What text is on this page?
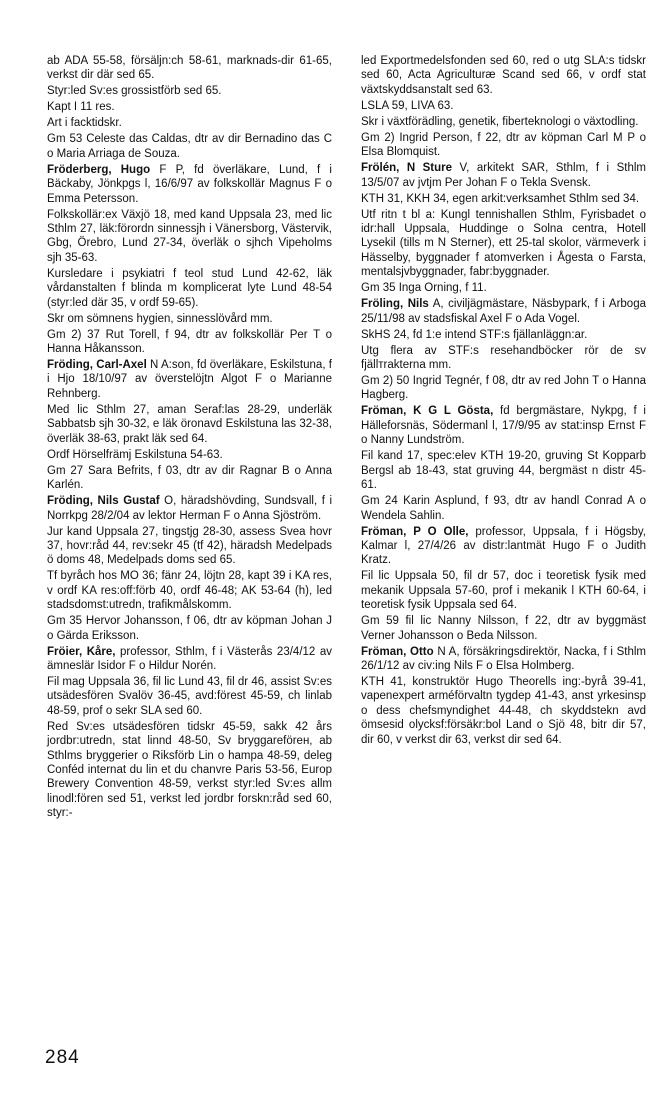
ab ADA 55-58, försäljn:ch 58-61, marknads-dir 61-65, verkst dir där sed 65.

Styr:led Sv:es grossistförb sed 65.

Kapt I 11 res.

Art i facktidskr.

Gm 53 Celeste das Caldas, dtr av dir Bernadino das C o Maria Arriaga de Souza.

Fröderberg, Hugo F P, fd överläkare, Lund, f i Bäckaby, Jönkpgs l, 16/6/97 av folkskollär Magnus F o Emma Petersson.

Folkskollär:ex Växjö 18, med kand Uppsala 23, med lic Sthlm 27, läk:förordn sinnessjh i Vänersborg, Västervik, Gbg, Örebro, Lund 27-34, överläk o sjhch Vipeholms sjh 35-63.

Kursledare i psykiatri f teol stud Lund 42-62, läk vårdanstalten f blinda m komplicerat lyte Lund 48-54 (styr:led där 35, v ordf 59-65).

Skr om sömnens hygien, sinnesslövård mm.

Gm 2) 37 Rut Torell, f 94, dtr av folkskollär Per T o Hanna Håkansson.

Fröding, Carl-Axel N A:son, fd överläkare, Eskilstuna, f i Hjo 18/10/97 av överstelöjtn Algot F o Marianne Rehnberg.

Med lic Sthlm 27, aman Seraf:las 28-29, underläk Sabbatsb sjh 30-32, e läk öronavd Eskilstuna las 32-38, överläk 38-63, prakt läk sed 64.

Ordf Hörselfrämj Eskilstuna 54-63.

Gm 27 Sara Befrits, f 03, dtr av dir Ragnar B o Anna Karlén.

Fröding, Nils Gustaf O, häradshövding, Sundsvall, f i Norrkpg 28/2/04 av lektor Herman F o Anna Sjöström.

Jur kand Uppsala 27, tingstjg 28-30, assess Svea hovr 37, hovr:råd 44, rev:sekr 45 (tf 42), häradsh Medelpads ö doms 48, Medelpads doms sed 65.

Tf byråch hos MO 36; fänr 24, löjtn 28, kapt 39 i KA res, v ordf KA res:off:förb 40, ordf 46-48; AK 53-64 (h), led stadsdomst:utredn, trafikmålskomm.

Gm 35 Hervor Johansson, f 06, dtr av köpman Johan J o Gärda Eriksson.

Fröier, Kåre, professor, Sthlm, f i Västerås 23/4/12 av ämneslär Isidor F o Hildur Norén.

Fil mag Uppsala 36, fil lic Lund 43, fil dr 46, assist Sv:es utsädesfören Svalöv 36-45, avd:förest 45-59, ch linlab 48-59, prof o sekr SLA sed 60.

Red Sv:es utsädesfören tidskr 45-59, sakk 42 års jordbr:utredn, stat linnd 48-50, Sv bryggareförен, ab Sthlms bryggerier o Riksförb Lin o hampa 48-59, deleg Conféd internat du lin et du chanvre Paris 53-56, Europ Brewery Convention 48-59, verkst styr:led Sv:es allm linodl:fören sed 51, verkst led jordbr forskn:råd sed 60, styr:-

led Exportmedelsfonden sed 60, red o utg SLA:s tidskr sed 60, Acta Agriculturæ Scand sed 66, v ordf stat växtskyddsanstalt sed 63.

LSLA 59, LIVA 63.

Skr i växtförädling, genetik, fiberteknologi o växtodling.

Gm 2) Ingrid Person, f 22, dtr av köpman Carl M P o Elsa Blomquist.

Frölén, N Sture V, arkitekt SAR, Sthlm, f i Sthlm 13/5/07 av jvtjm Per Johan F o Tekla Svensk.

KTH 31, KKH 34, egen arkit:verksamhet Sthlm sed 34.

Utf ritn t bl a: Kungl tennishallen Sthlm, Fyrisbadet o idr:hall Uppsala, Huddinge o Solna centra, Hotell Lysekil (tills m N Sterner), ett 25-tal skolor, värmeverk i Hässelby, byggnader f atomverken i Ågesta o Farsta, mentalsjvbyggnader, fabr:byggnader.

Gm 35 Inga Orning, f 11.

Fröling, Nils A, civiljägmästare, Näsbypark, f i Arboga 25/11/98 av stadsfiskal Axel F o Ada Vogel.

SkHS 24, fd 1:e intend STF:s fjällanläggn:ar.

Utg flera av STF:s resehandböcker rör de sv fjällтrakterna mm.

Gm 2) 50 Ingrid Tegnér, f 08, dtr av red John T o Hanna Hagberg.

Fröman, K G L Gösta, fd bergmästare, Nykpg, f i Hälleforsnäs, Södermanl l, 17/9/95 av stat:insp Ernst F o Nanny Lundström.

Fil kand 17, spec:elev KTH 19-20, gruving St Kopparb Bergsl ab 18-43, stat gruving 44, bergmäst n distr 45-61.

Gm 24 Karin Asplund, f 93, dtr av handl Conrad A o Wendela Sahlin.

Fröman, P O Olle, professor, Uppsala, f i Högsby, Kalmar l, 27/4/26 av distr:lantmät Hugo F o Judith Kratz.

Fil lic Uppsala 50, fil dr 57, doc i teoretisk fysik med mekanik Uppsala 57-60, prof i mekanik l KTH 60-64, i teoretisk fysik Uppsala sed 64.

Gm 59 fil lic Nanny Nilsson, f 22, dtr av byggmäst Verner Johansson o Beda Nilsson.

Fröman, Otto N A, försäkringsdirektör, Nacka, f i Sthlm 26/1/12 av civ:ing Nils F o Elsa Holmberg.

KTH 41, konstruktör Hugo Theorells ing:-byrå 39-41, vapenexpert arméförvaltn tygdep 41-43, anst yrkesinsp o dess chefsmyndighet 44-48, ch skyddstekn avd ömsesid olycksf:försäkr:bol Land o Sjö 48, bitr dir 57, dir 60, v verkst dir 63, verkst dir sed 64.

284
